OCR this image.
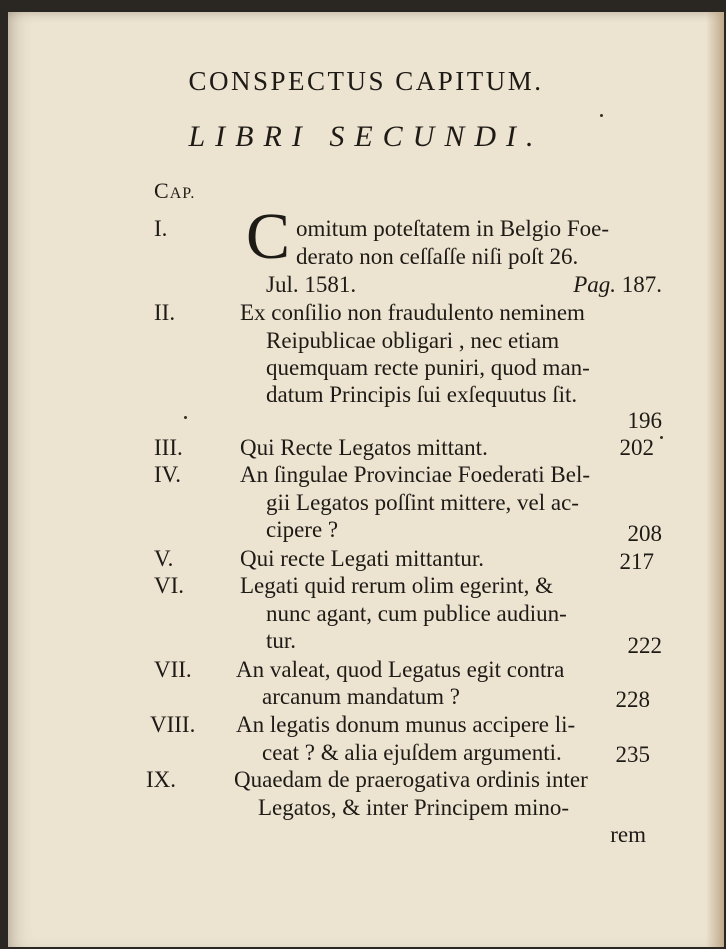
CONSPECTUS CAPITUM.
LIBRI SECUNDI.
CAP.
I. C omitum poteſtatem in Belgio Foe-
derato non ceſſaſſe niſi poſt 26.
Jul. 1581.	Pag. 187.
II.	Ex conſilio non fraudulento neminem
Reipublicae obligari , nec etiam
quemquam recte puniri, quod man-
datum Principis ſui exſequutus ſit.
196
III. Qui Recte Legatos mittant.	202
IV.	An ſingulae Provinciae Foederati Bel-
gii Legatos poſſint mittere, vel ac-
cipere ?	208
V.	Qui recte Legati mittantur.	217
VI. Legati quid rerum olim egerint, &
nunc agant, cum publice audiun-
tur.	222
VII. An valeat, quod Legatus egit contra
arcanum mandatum ?	228
VIII. An legatis donum munus accipere li-
ceat ? & alia ejuſdem argumenti. 235
IX.	Quaedam de praerogativa ordinis inter
Legatos, & inter Principem mino-
rem
